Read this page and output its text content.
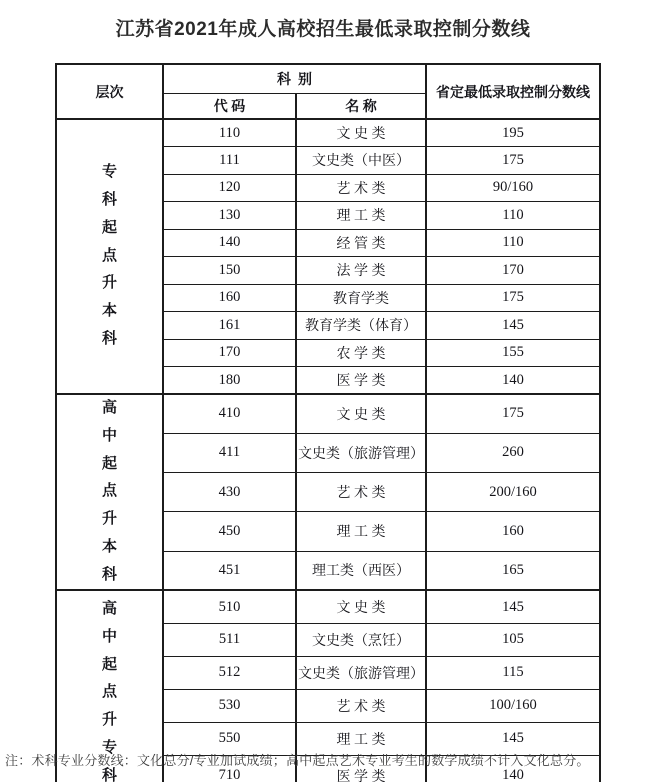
江苏省2021年成人高校招生最低录取控制分数线
层次	科  别		省定最低录取控制分数线
	代 码	名 称	
专科起点升本科	110	文 史 类	195
	111	文史类（中医）	175
	120	艺 术 类	90/160
	130	理 工 类	110
	140	经 管 类	110
	150	法 学 类	170
	160	教育学类	175
	161	教育学类（体育）	145
	170	农 学 类	155
	180	医 学 类	140
高中起点升本科	410	文 史 类	175
	411	文史类（旅游管理）	260
	430	艺 术 类	200/160
	450	理 工 类	160
	451	理工类（西医）	165
高中起点升专科	510	文 史 类	145
	511	文史类（烹饪）	105
	512	文史类（旅游管理）	115
	530	艺 术 类	100/160
	550	理 工 类	145
	710	医 学 类	140
注：术科专业分数线：文化总分/专业加试成绩；高中起点艺术专业考生的数学成绩不计入文化总分。
